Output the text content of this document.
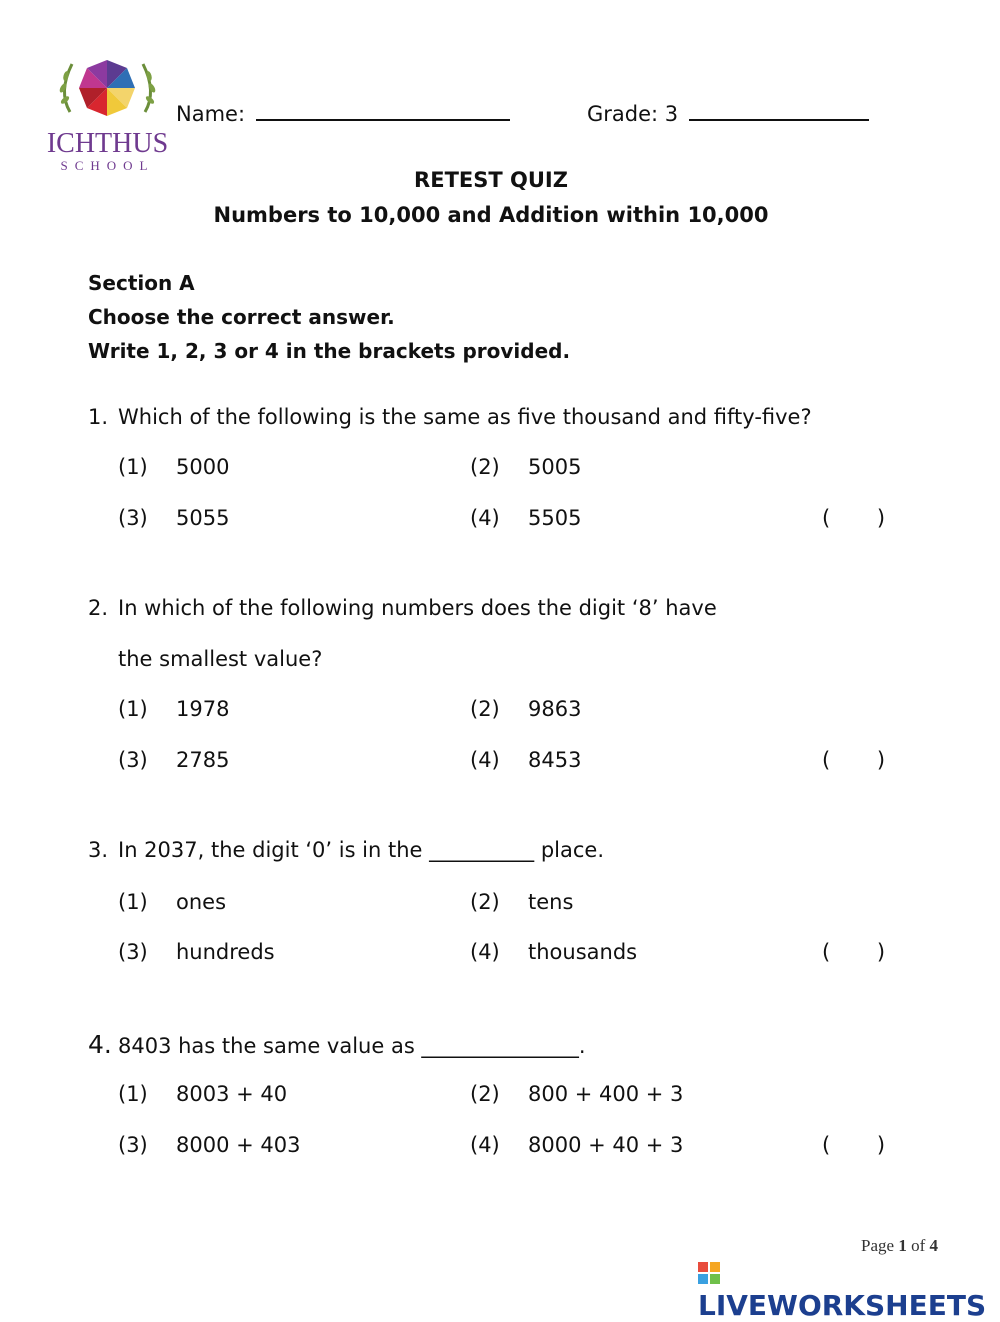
ICHTHUS
SCHOOL
Name:	Grade: 3
RETEST QUIZ
Numbers to 10,000 and Addition within 10,000
Section A
Choose the correct answer.
Write 1, 2, 3 or 4 in the brackets provided.
1. Which of the following is the same as five thousand and fifty-five?
(1) 5000	(2) 5005
(3) 5055	(4) 5505	(       )
2. In which of the following numbers does the digit ‘8’ have
the smallest value?
(1) 1978	(2) 9863
(3) 2785	(4) 8453	(       )
3. In 2037, the digit ‘0’ is in the __________ place.
(1) ones	(2) tens
(3) hundreds	(4) thousands	(       )
4. 8403 has the same value as _______________.
(1) 8003 + 40	(2) 800 + 400 + 3
(3) 8000 + 403	(4) 8000 + 40 + 3	(       )
Page 1 of 4
LIVEWORKSHEETS
